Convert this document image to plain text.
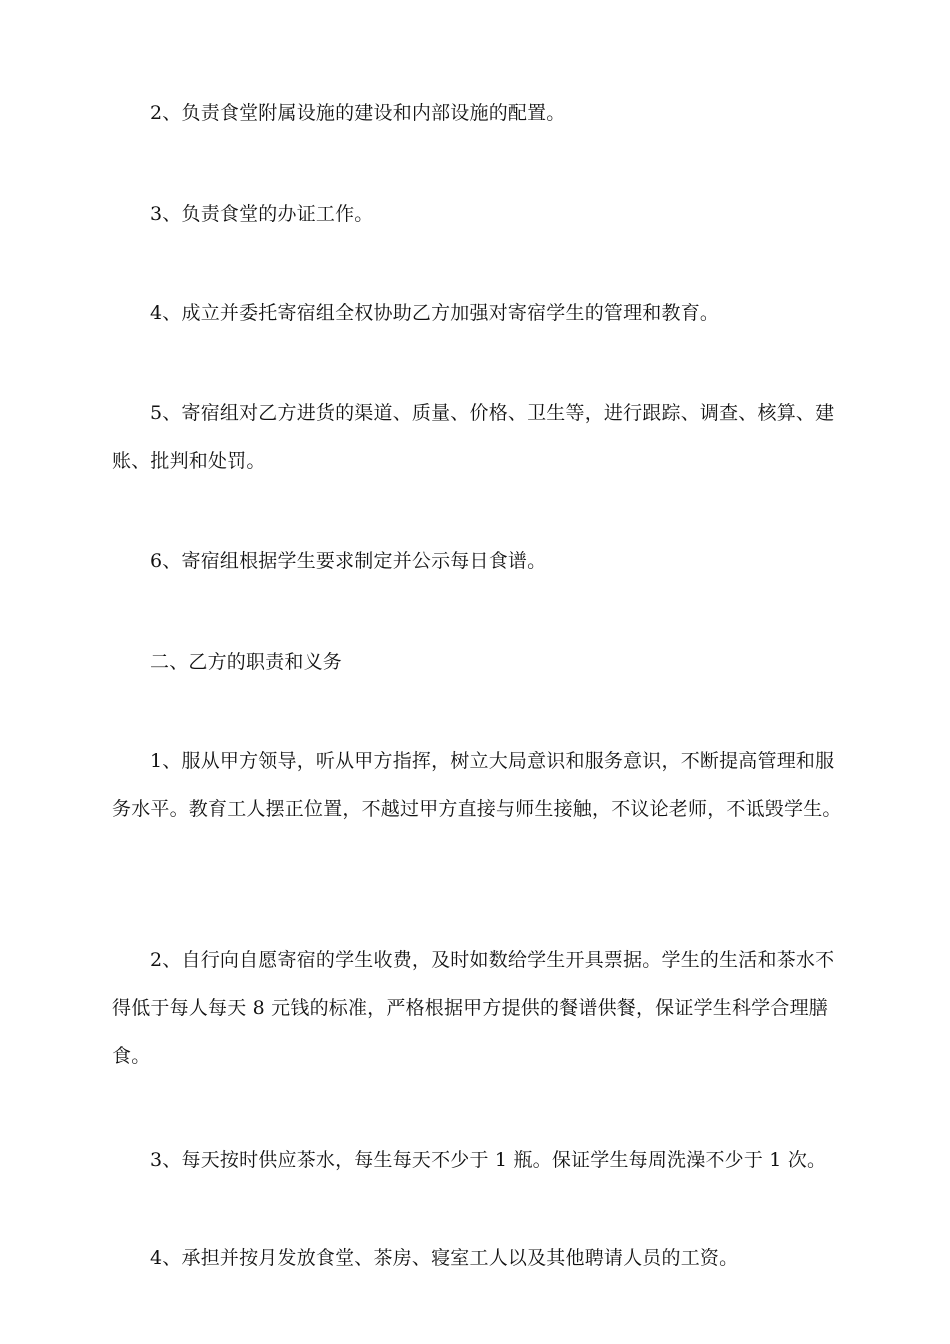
2、负责食堂附属设施的建设和内部设施的配置。

3、负责食堂的办证工作。

4、成立并委托寄宿组全权协助乙方加强对寄宿学生的管理和教育。

5、寄宿组对乙方进货的渠道、质量、价格、卫生等，进行跟踪、调查、核算、建
账、批判和处罚。

6、寄宿组根据学生要求制定并公示每日食谱。

二、乙方的职责和义务

1、服从甲方领导，听从甲方指挥，树立大局意识和服务意识，不断提高管理和服
务水平。教育工人摆正位置，不越过甲方直接与师生接触，不议论老师，不诋毁学生。

2、自行向自愿寄宿的学生收费，及时如数给学生开具票据。学生的生活和茶水不
得低于每人每天 8 元钱的标准，严格根据甲方提供的餐谱供餐，保证学生科学合理膳
食。

3、每天按时供应茶水，每生每天不少于 1 瓶。保证学生每周洗澡不少于 1 次。

4、承担并按月发放食堂、茶房、寝室工人以及其他聘请人员的工资。
